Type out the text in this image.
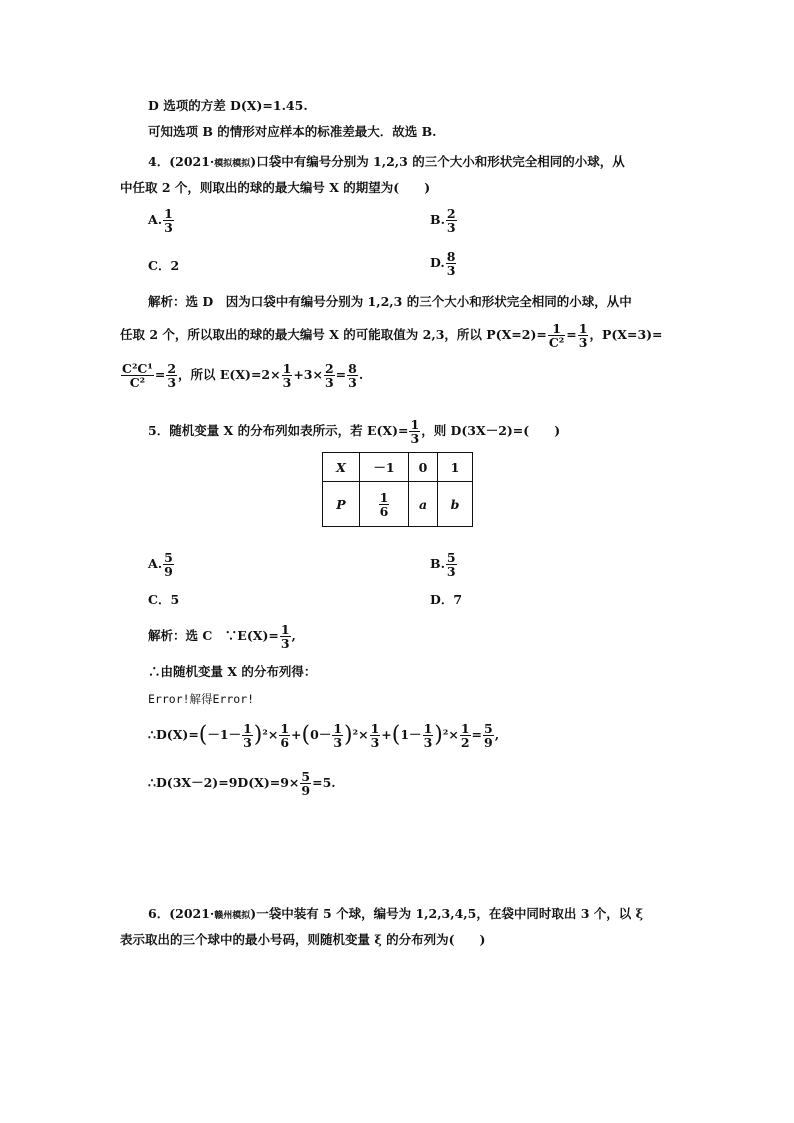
D 选项的方差 D(X)=1.45.
可知选项 B 的情形对应样本的标准差最大．故选 B.
4．(2021·模拟模拟)口袋中有编号分别为 1,2,3 的三个大小和形状完全相同的小球，从
中任取 2 个，则取出的球的最大编号 X 的期望为(　　)
A. $\frac{1}{3}$	B. $\frac{2}{3}$
C．2	D. $\frac{8}{3}$
解析：选 D　因为口袋中有编号分别为 1,2,3 的三个大小和形状完全相同的小球，从中
任取 2 个，所以取出的球的最大编号 X 的可能取值为 2,3，所以 $P(X=2)= \frac{1}{\text{C²}} = \frac{1}{3}$ ，P(X=3)=
$\frac{\text{C²C¹}}{\text{C²}} = \frac{2}{3}$ ，所以 $E(X)=2\times \frac{1}{3} +3\times \frac{2}{3} = \frac{8}{3}$ .
5．随机变量 X 的分布列如表所示，若 $E(X)= \frac{1}{3}$ ，则 D(3X－2)=(　　)
X	－1	0	1
P	$\frac{1}{6}$	a	b
A. $\frac{5}{9}$	B. $\frac{5}{3}$
C．5	D．7
解析：选 C　∵E(X)= $\frac{1}{3}$ ,
∴由随机变量 X 的分布列得：
Error!解得Error!
∴D(X)=(－1－ $\frac{1}{3} )^2\times \frac{1}{6} +(0- \frac{1}{3} )^2\times \frac{1}{3} +(1- \frac{1}{3} )^2\times \frac{1}{2} = \frac{5}{9}$ ,
∴D(3X－2)=9D(X)=9× $\frac{5}{9} =5$.
6．(2021·赣州模拟)一袋中装有 5 个球，编号为 1,2,3,4,5，在袋中同时取出 3 个，以 ξ
表示取出的三个球中的最小号码，则随机变量 ξ 的分布列为(　　)
